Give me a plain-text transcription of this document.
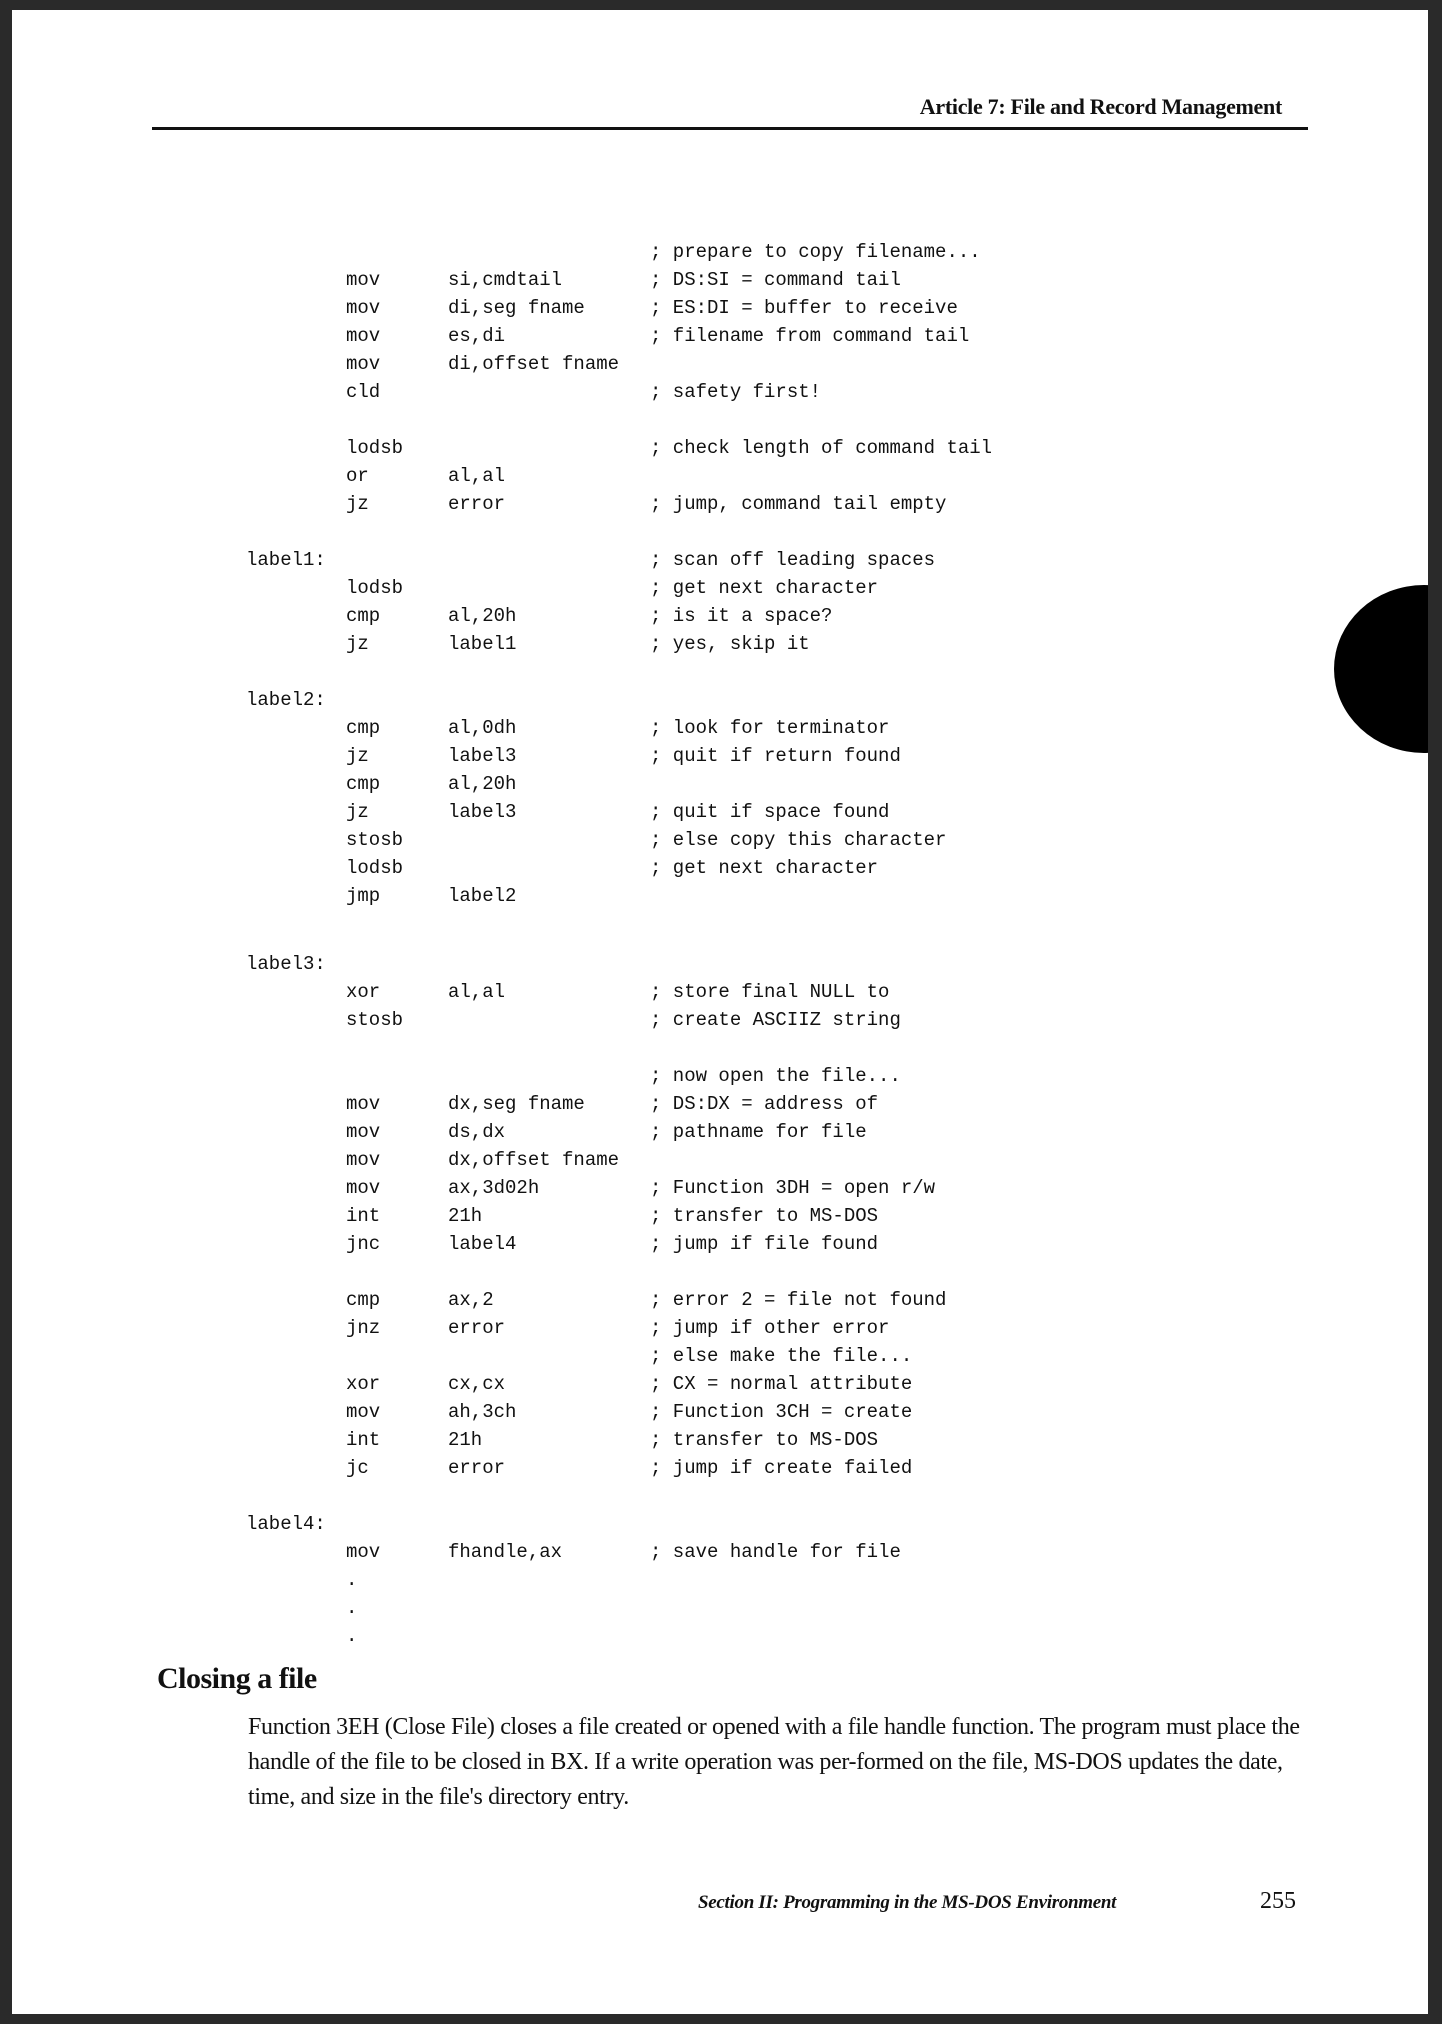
Article 7: File and Record Management
; prepare to copy filename...
mov	si,cmdtail	; DS:SI = command tail
mov	di,seg fname	; ES:DI = buffer to receive
mov	es,di	; filename from command tail
mov	di,offset fname
cld	; safety first!
lodsb	; check length of command tail
or	al,al
jz	error	; jump, command tail empty
label1:	; scan off leading spaces
lodsb	; get next character
cmp	al,20h	; is it a space?
jz	label1	; yes, skip it
label2:
cmp	al,0dh	; look for terminator
jz	label3	; quit if return found
cmp	al,20h
jz	label3	; quit if space found
stosb	; else copy this character
lodsb	; get next character
jmp	label2
label3:
xor	al,al	; store final NULL to
stosb	; create ASCIIZ string
; now open the file...
mov	dx,seg fname	; DS:DX = address of
mov	ds,dx	; pathname for file
mov	dx,offset fname
mov	ax,3d02h	; Function 3DH = open r/w
int	21h	; transfer to MS-DOS
jnc	label4	; jump if file found
cmp	ax,2	; error 2 = file not found
jnz	error	; jump if other error
; else make the file...
xor	cx,cx	; CX = normal attribute
mov	ah,3ch	; Function 3CH = create
int	21h	; transfer to MS-DOS
jc	error	; jump if create failed
label4:
mov	fhandle,ax	; save handle for file
.
.
.
Closing a file

Function 3EH (Close File) closes a file created or opened with a file handle function. The program must place the handle of the file to be closed in BX. If a write operation was per-formed on the file, MS-DOS updates the date, time, and size in the file's directory entry.

Section II: Programming in the MS-DOS Environment	255
